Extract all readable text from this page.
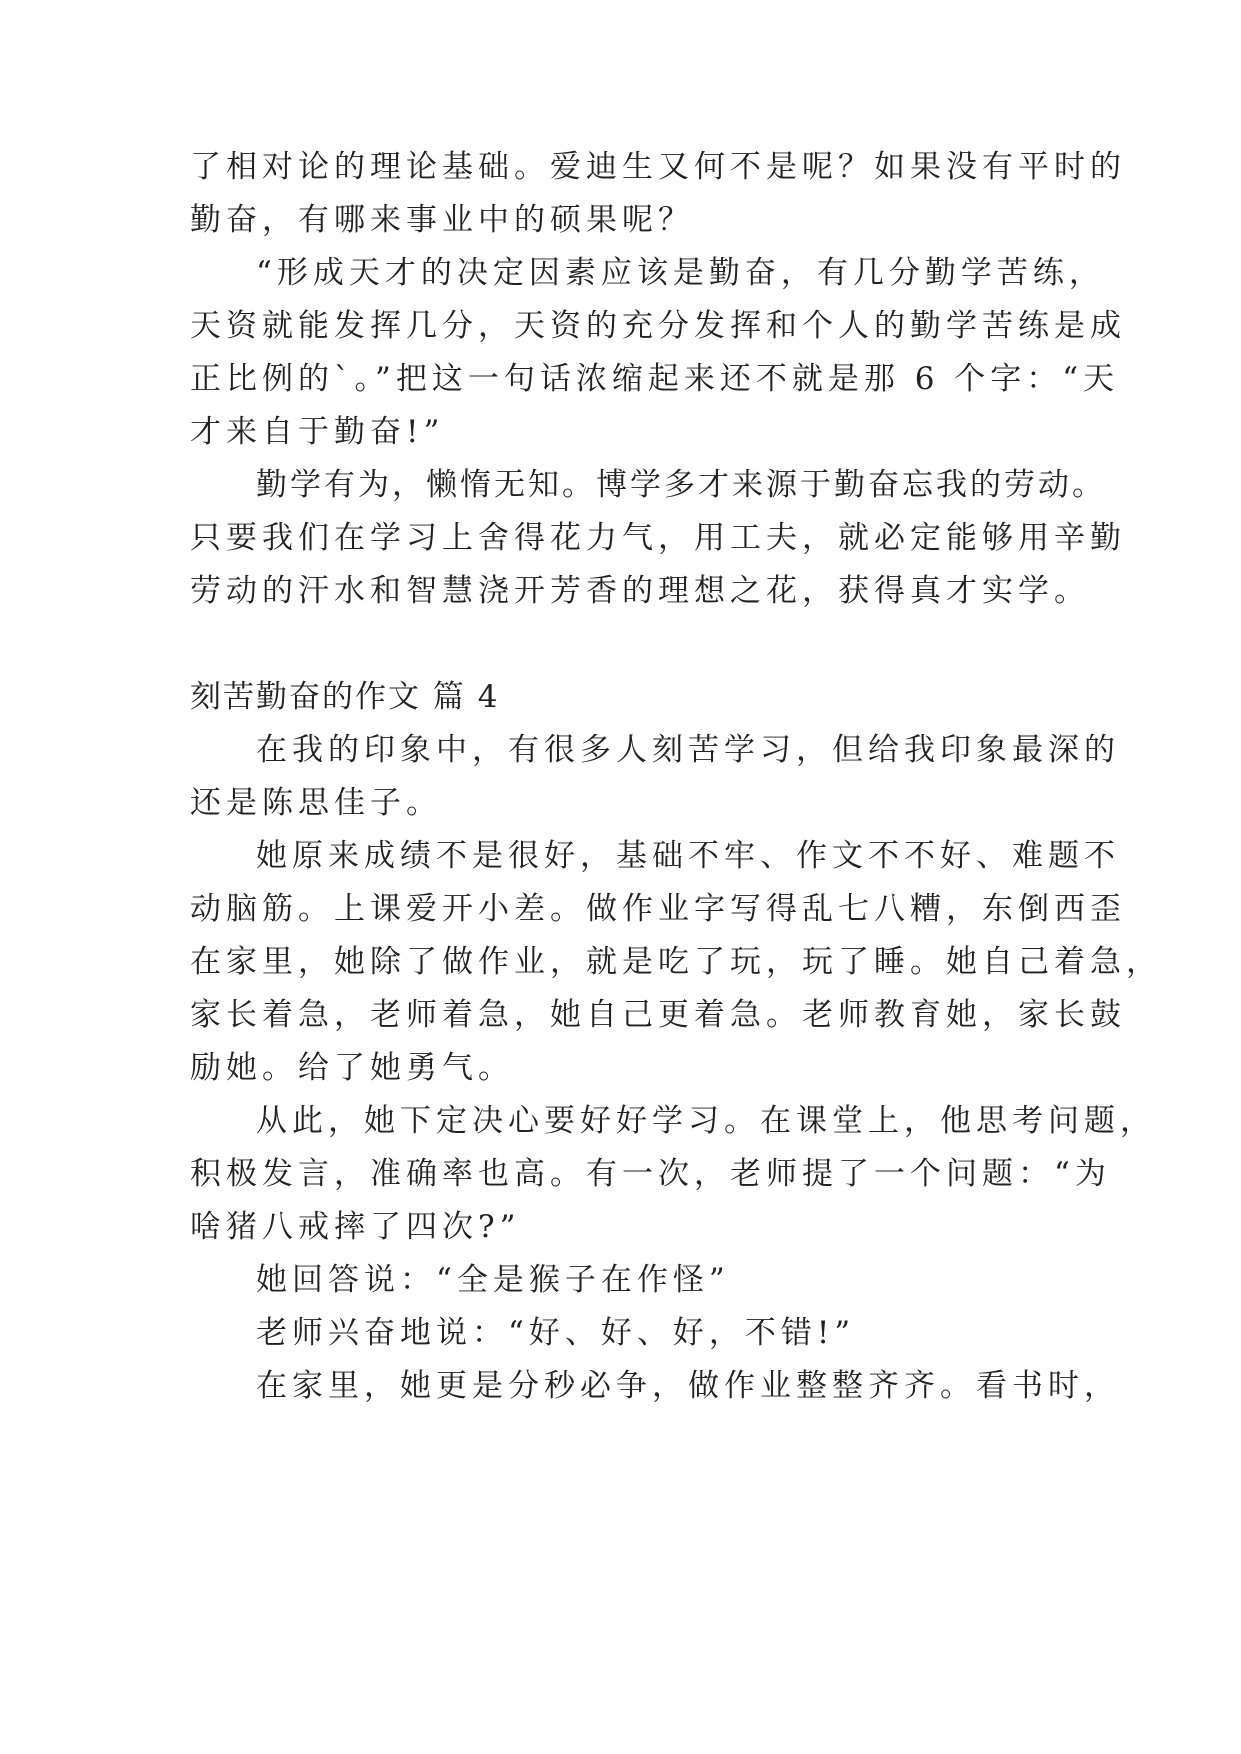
了相对论的理论基础。爱迪生又何不是呢？如果没有平时的
勤奋，有哪来事业中的硕果呢？
“形成天才的决定因素应该是勤奋，有几分勤学苦练，
天资就能发挥几分，天资的充分发挥和个人的勤学苦练是成
正比例的`。”把这一句话浓缩起来还不就是那 6 个字：“天
才来自于勤奋!”
勤学有为，懒惰无知。博学多才来源于勤奋忘我的劳动。
只要我们在学习上舍得花力气，用工夫，就必定能够用辛勤
劳动的汗水和智慧浇开芳香的理想之花，获得真才实学。
刻苦勤奋的作文 篇 4
在我的印象中，有很多人刻苦学习，但给我印象最深的
还是陈思佳子。
她原来成绩不是很好，基础不牢、作文不不好、难题不
动脑筋。上课爱开小差。做作业字写得乱七八糟，东倒西歪
在家里，她除了做作业，就是吃了玩，玩了睡。她自己着急，
家长着急，老师着急，她自己更着急。老师教育她，家长鼓
励她。给了她勇气。
从此，她下定决心要好好学习。在课堂上，他思考问题，
积极发言，准确率也高。有一次，老师提了一个问题：“为
啥猪八戒摔了四次?”
她回答说：“全是猴子在作怪”
老师兴奋地说：“好、好、好，不错!”
在家里，她更是分秒必争，做作业整整齐齐。看书时，
